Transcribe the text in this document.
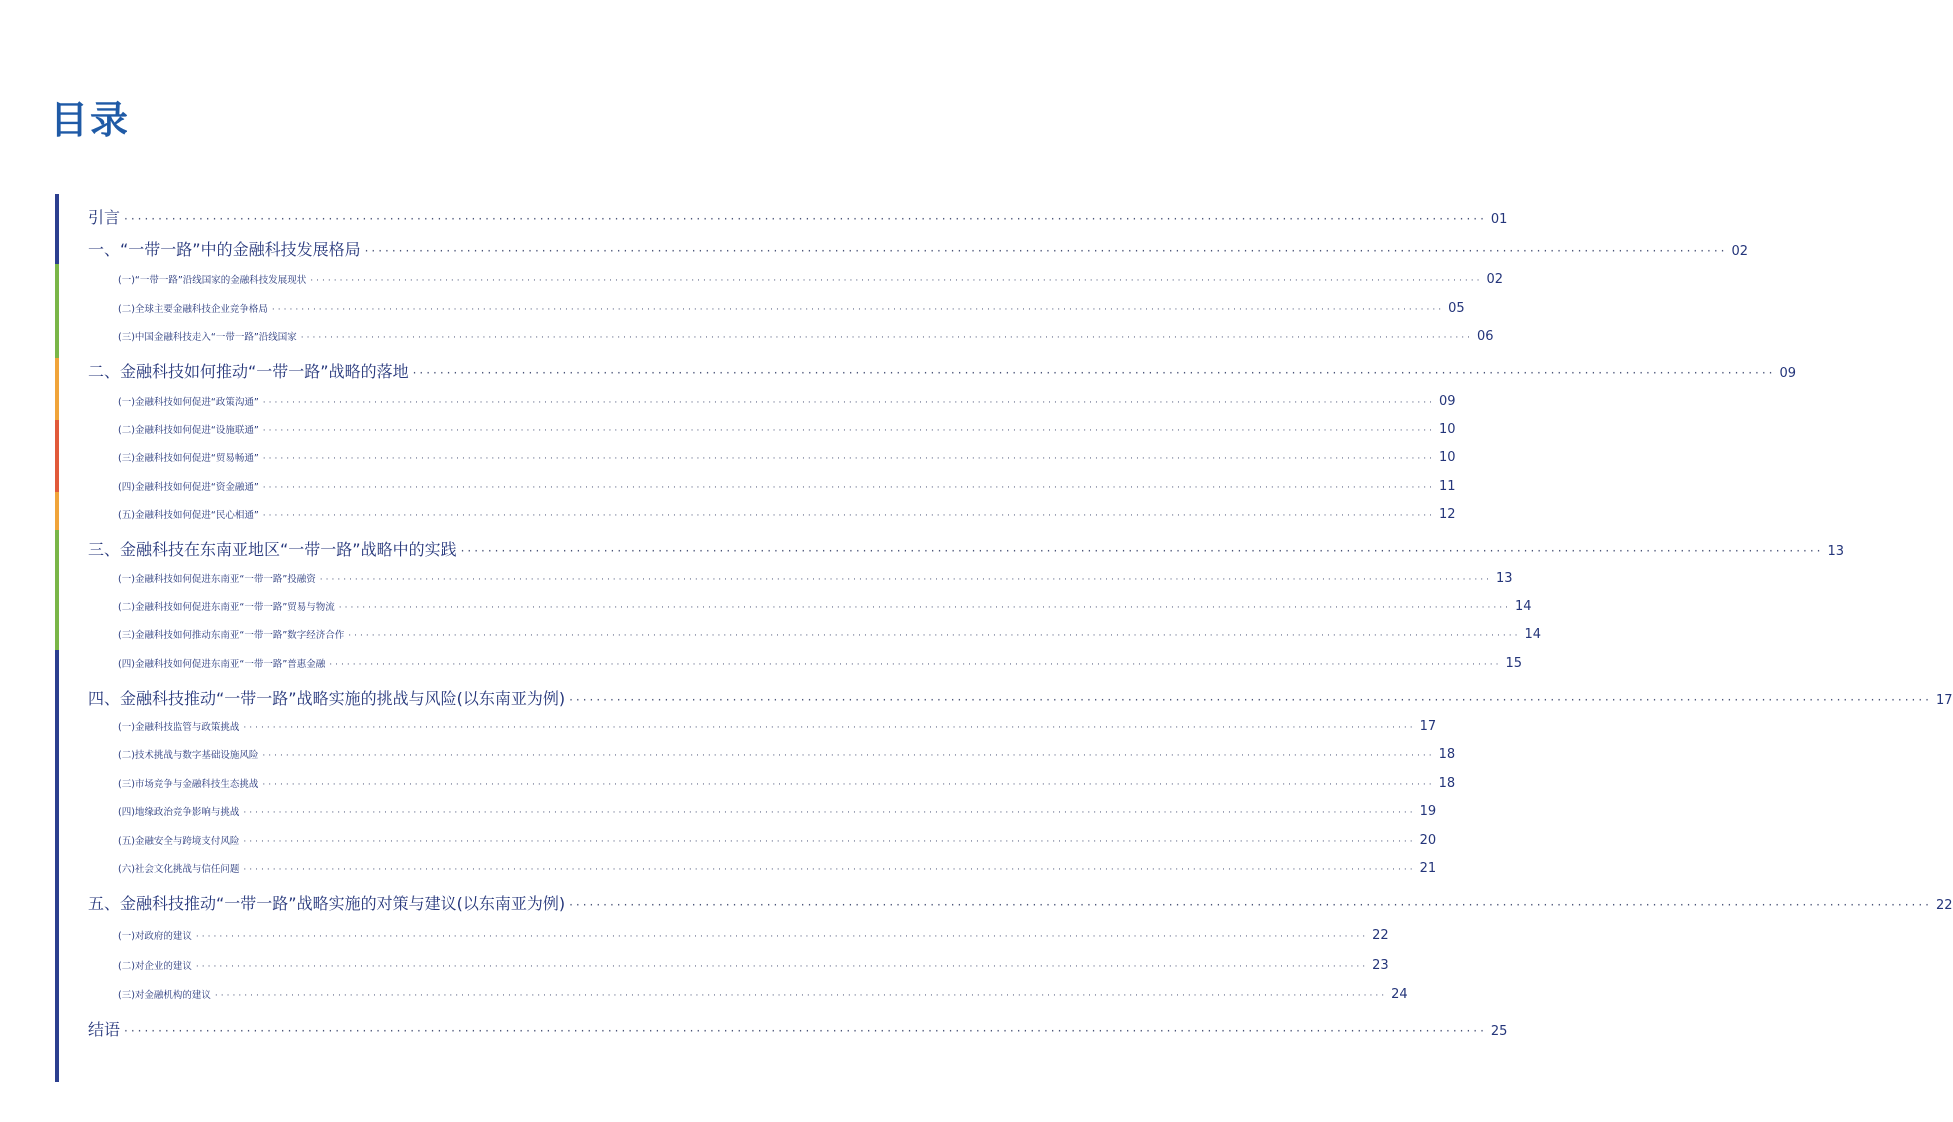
目录
引言 ········································································································································································································ 01
一、“一带一路”中的金融科技发展格局 ········································································································································································································ 02
(一)“一带一路”沿线国家的金融科技发展现状 ········································································································································································································ 02
(二)全球主要金融科技企业竞争格局 ········································································································································································································ 05
(三)中国金融科技走入“一带一路”沿线国家 ········································································································································································································ 06
二、金融科技如何推动“一带一路”战略的落地 ········································································································································································································ 09
(一)金融科技如何促进“政策沟通” ········································································································································································································ 09
(二)金融科技如何促进“设施联通” ········································································································································································································ 10
(三)金融科技如何促进“贸易畅通” ········································································································································································································ 10
(四)金融科技如何促进“资金融通” ········································································································································································································ 11
(五)金融科技如何促进“民心相通” ········································································································································································································ 12
三、金融科技在东南亚地区“一带一路”战略中的实践 ········································································································································································································ 13
(一)金融科技如何促进东南亚“一带一路”投融资 ········································································································································································································ 13
(二)金融科技如何促进东南亚“一带一路”贸易与物流 ········································································································································································································ 14
(三)金融科技如何推动东南亚“一带一路”数字经济合作 ········································································································································································································ 14
(四)金融科技如何促进东南亚“一带一路”普惠金融 ········································································································································································································ 15
四、金融科技推动“一带一路”战略实施的挑战与风险(以东南亚为例) ········································································································································································································ 17
(一)金融科技监管与政策挑战 ········································································································································································································ 17
(二)技术挑战与数字基础设施风险 ········································································································································································································ 18
(三)市场竞争与金融科技生态挑战 ········································································································································································································ 18
(四)地缘政治竞争影响与挑战 ········································································································································································································ 19
(五)金融安全与跨境支付风险 ········································································································································································································ 20
(六)社会文化挑战与信任问题 ········································································································································································································ 21
五、金融科技推动“一带一路”战略实施的对策与建议(以东南亚为例) ········································································································································································································ 22
(一)对政府的建议 ········································································································································································································ 22
(二)对企业的建议 ········································································································································································································ 23
(三)对金融机构的建议 ········································································································································································································ 24
结语 ········································································································································································································ 25
